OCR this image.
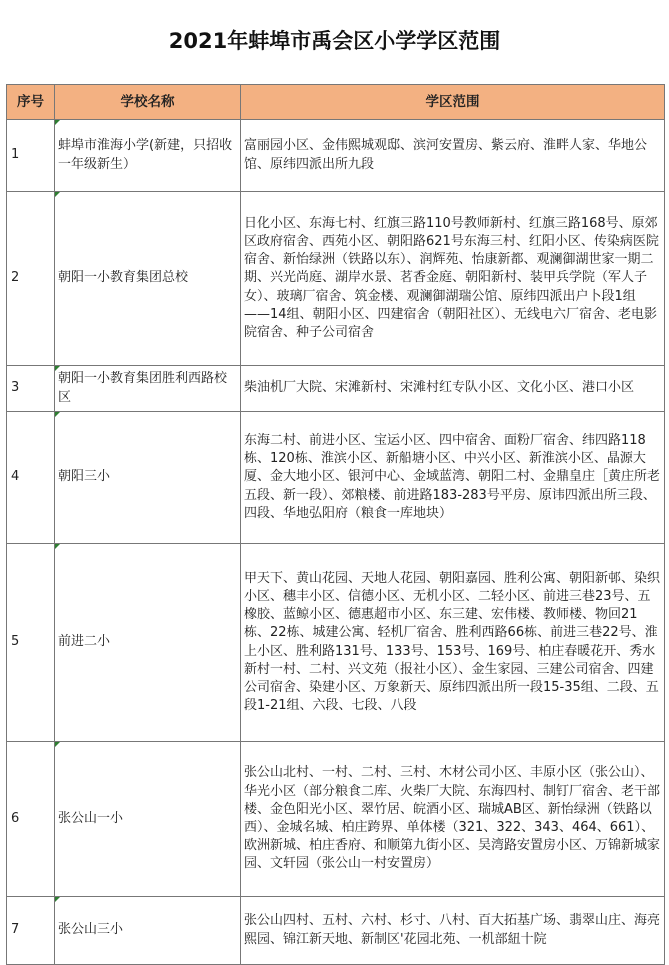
2021年蚌埠市禹会区小学学区范围
序号	学校名称	学区范围
1	蚌埠市淮海小学(新建，只招收一年级新生）	富丽园小区、金伟熙城观邸、滨河安置房、紫云府、淮畔人家、华地公馆、原纬四派出所九段
2	朝阳一小教育集团总校	日化小区、东海七村、红旗三路110号教师新村、红旗三路168号、原郊区政府宿舍、西苑小区、朝阳路621号东海三村、红阳小区、传染病医院宿舍、新怡绿洲（铁路以东）、润辉苑、怡康新都、观澜御湖世家一期二期、兴光尚庭、湖岸水景、茗香金庭、朝阳新村、装甲兵学院（军人子女）、玻璃厂宿舍、筑金楼、观澜御湖瑞公馆、原纬四派出户卜段1组——14组、朝阳小区、四建宿舍（朝阳社区）、无线电六厂宿舍、老电影院宿舍、种子公司宿舍
3	朝阳一小教育集团胜利西路校区	柴油机厂大院、宋滩新村、宋滩村红专队小区、文化小区、港口小区
4	朝阳三小	东海二村、前进小区、宝运小区、四中宿舍、面粉厂宿舍、纬四路118栋、120栋、淮滨小区、新船塘小区、中兴小区、新淮滨小区、晶源大厦、金大地小区、银河中心、金域蓝湾、朝阳二村、金鼎皇庄［黄庄所老五段、新一段）、郊粮楼、前进路183-283号平房、原讳四派出所三段、四段、华地弘阳府（粮食一库地块）
5	前进二小	甲天下、黄山花园、天地人花园、朝阳嘉园、胜利公寓、朝阳新邨、染织小区、穗丰小区、信德小区、无机小区、二轻小区、前进三巷23号、五橡胶、蓝鲸小区、德惠超市小区、东三建、宏伟楼、教师楼、物回21栋、22栋、城建公寓、轻机厂宿舍、胜利西路66栋、前进三巷22号、淮上小区、胜利路131号、133号、153号、169号、柏庄春暖花开、秀水新村一村、二村、兴文苑（报社小区）、金生家园、三建公司宿舍、四建公司宿舍、染建小区、万象新天、原纬四派出所一段15-35组、二段、五段1-21组、六段、七段、八段
6	张公山一小	张公山北村、一村、二村、三村、木材公司小区、丰原小区（张公山）、华光小区（部分粮食二库、火柴厂大院、东海四村、制钉厂宿舍、老干部楼、金色阳光小区、翠竹居、皖酒小区、瑞城AB区、新怡绿洲（铁路以西）、金城名城、柏庄跨界、单体楼（321、322、343、464、661）、欧洲新城、柏庄香府、和顺第九街小区、吴湾路安置房小区、万锦新城家园、文轩园（张公山一村安置房）
7	张公山三小	张公山四村、五村、六村、杉寸、八村、百大拓基广场、翡翠山庄、海亮熙园、锦江新天地、新制区'花园北苑、一机部紐十院
